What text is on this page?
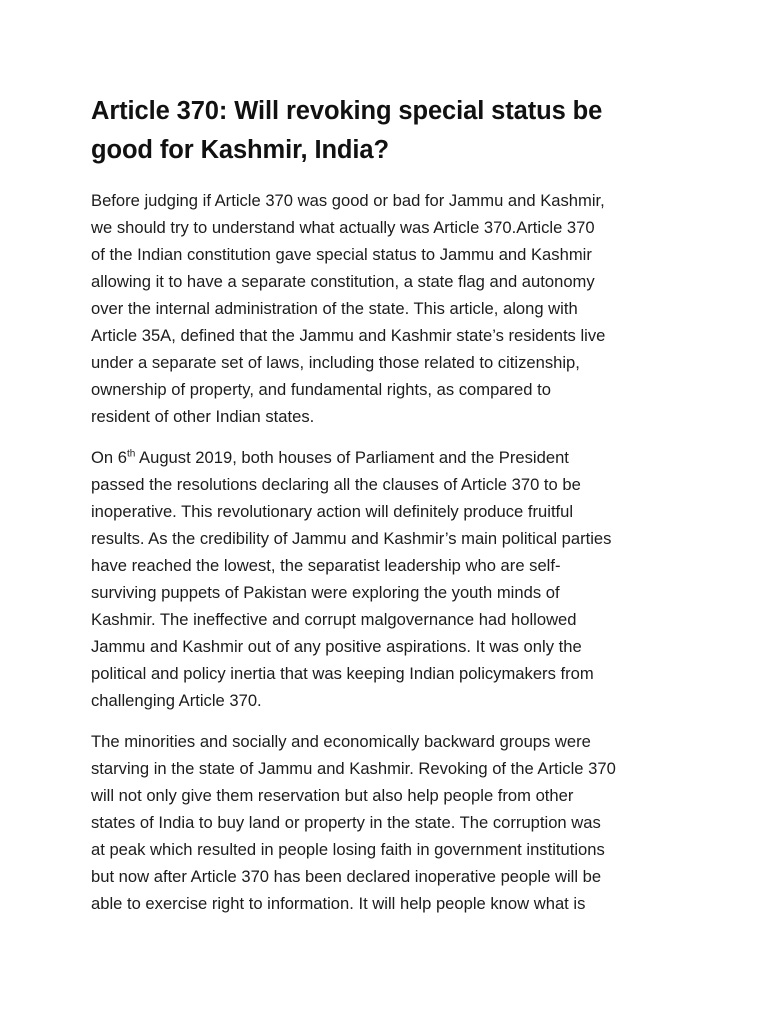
Article 370: Will revoking special status be
good for Kashmir, India?

Before judging if Article 370 was good or bad for Jammu and Kashmir,
we should try to understand what actually was Article 370.Article 370
of the Indian constitution gave special status to Jammu and Kashmir
allowing it to have a separate constitution, a state flag and autonomy
over the internal administration of the state. This article, along with
Article 35A, defined that the Jammu and Kashmir state’s residents live
under a separate set of laws, including those related to citizenship,
ownership of property, and fundamental rights, as compared to
resident of other Indian states.

On 6th August 2019, both houses of Parliament and the President
passed the resolutions declaring all the clauses of Article 370 to be
inoperative. This revolutionary action will definitely produce fruitful
results. As the credibility of Jammu and Kashmir’s main political parties
have reached the lowest, the separatist leadership who are self-
surviving puppets of Pakistan were exploring the youth minds of
Kashmir. The ineffective and corrupt malgovernance had hollowed
Jammu and Kashmir out of any positive aspirations. It was only the
political and policy inertia that was keeping Indian policymakers from
challenging Article 370.

The minorities and socially and economically backward groups were
starving in the state of Jammu and Kashmir. Revoking of the Article 370
will not only give them reservation but also help people from other
states of India to buy land or property in the state. The corruption was
at peak which resulted in people losing faith in government institutions
but now after Article 370 has been declared inoperative people will be
able to exercise right to information. It will help people know what is
